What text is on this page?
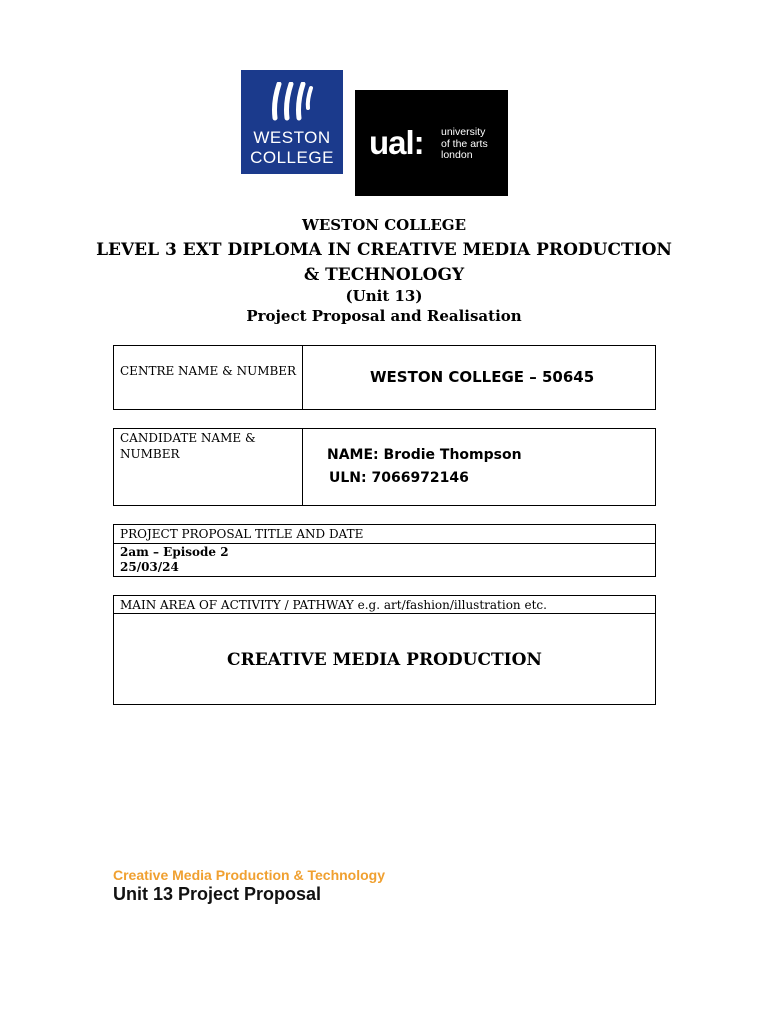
WESTON
COLLEGE ual: university
of the arts
london
WESTON COLLEGE
LEVEL 3 EXT DIPLOMA IN CREATIVE MEDIA PRODUCTION
& TECHNOLOGY
(Unit 13)
Project Proposal and Realisation
CENTRE NAME & NUMBER	WESTON COLLEGE – 50645
CANDIDATE NAME &
NUMBER	NAME: Brodie Thompson
ULN: 7066972146
PROJECT PROPOSAL TITLE AND DATE
2am – Episode 2
25/03/24
MAIN AREA OF ACTIVITY / PATHWAY e.g. art/fashion/illustration etc.
CREATIVE MEDIA PRODUCTION
Creative Media Production & Technology
Unit 13 Project Proposal
